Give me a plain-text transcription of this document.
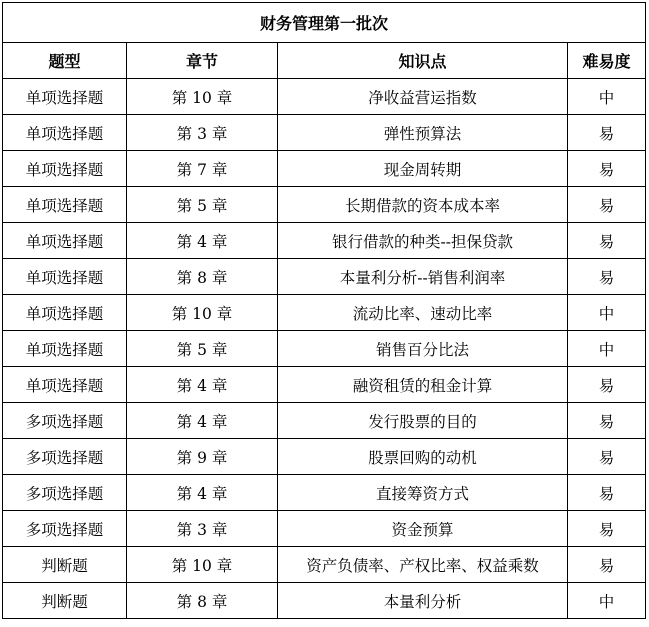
财务管理第一批次			
题型	章节	知识点	难易度
单项选择题	第 10 章	净收益营运指数	中
单项选择题	第 3 章	弹性预算法	易
单项选择题	第 7 章	现金周转期	易
单项选择题	第 5 章	长期借款的资本成本率	易
单项选择题	第 4 章	银行借款的种类--担保贷款	易
单项选择题	第 8 章	本量利分析--销售利润率	易
单项选择题	第 10 章	流动比率、速动比率	中
单项选择题	第 5 章	销售百分比法	中
单项选择题	第 4 章	融资租赁的租金计算	易
多项选择题	第 4 章	发行股票的目的	易
多项选择题	第 9 章	股票回购的动机	易
多项选择题	第 4 章	直接筹资方式	易
多项选择题	第 3 章	资金预算	易
判断题	第 10 章	资产负债率、产权比率、权益乘数	易
判断题	第 8 章	本量利分析	中
